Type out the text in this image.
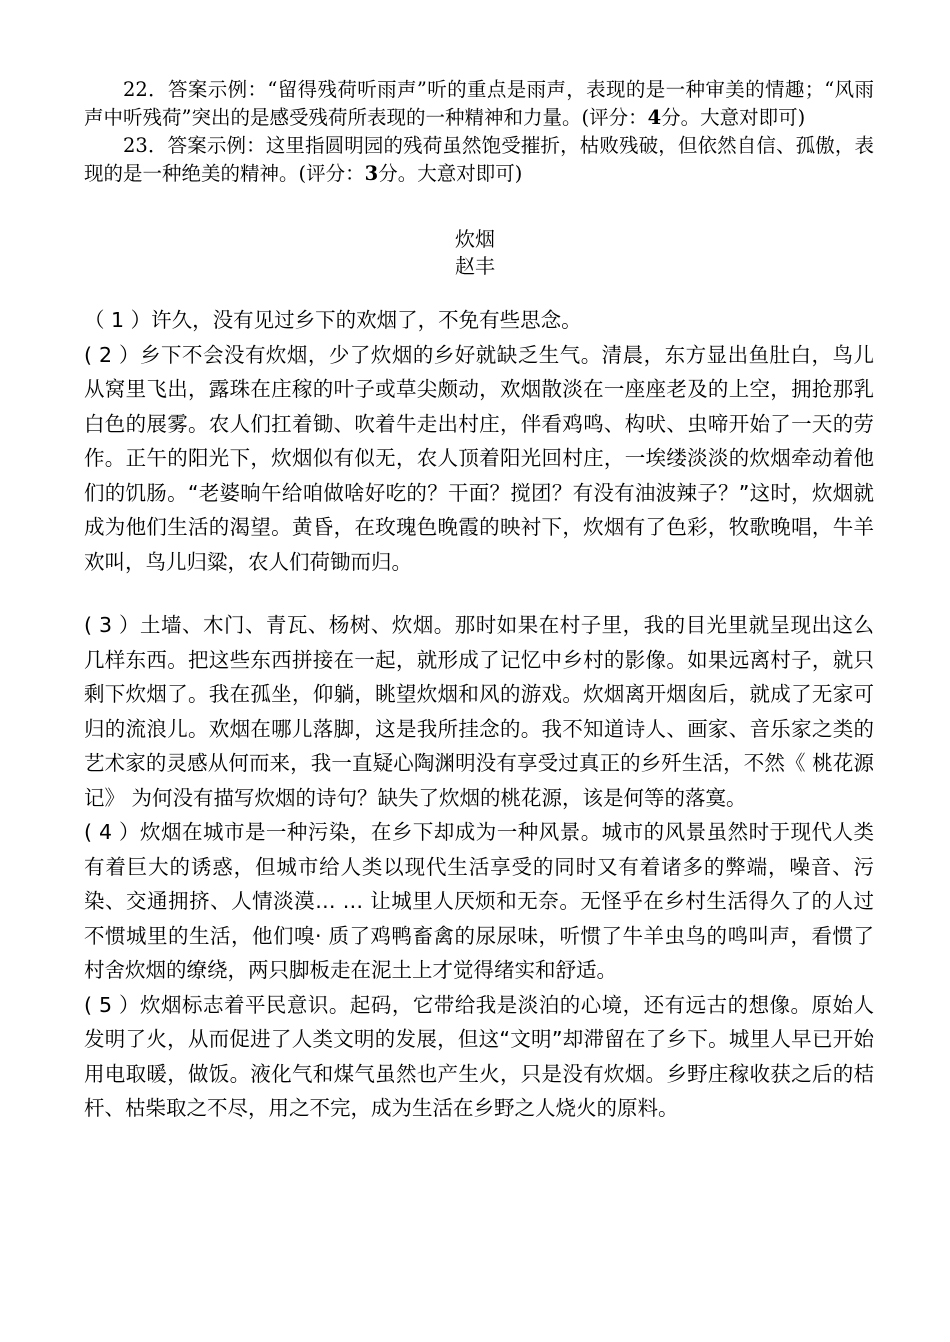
22．答案示例：“留得残荷听雨声”听的重点是雨声，表现的是一种审美的情趣；“风雨声中听残荷”突出的是感受残荷所表现的一种精神和力量。(评分：4分。大意对即可)

23．答案示例：这里指圆明园的残荷虽然饱受摧折，枯败残破，但依然自信、孤傲，表现的是一种绝美的精神。(评分：3分。大意对即可)

炊烟
赵丰

（ 1 ）许久，没有见过乡下的欢烟了，不免有些思念。

( 2 ）乡下不会没有炊烟，少了炊烟的乡好就缺乏生气。清晨，东方显出鱼肚白，鸟儿从窝里飞出，露珠在庄稼的叶子或草尖颇动，欢烟散淡在一座座老及的上空，拥抢那乳白色的展雾。农人们扛着锄、吹着牛走出村庄，伴看鸡鸣、构吠、虫啼开始了一天的劳作。正午的阳光下，炊烟似有似无，农人顶着阳光回村庄，一埃缕淡淡的炊烟牵动着他们的饥肠。“老婆晌午给咱做啥好吃的？干面？搅团？有没有油波辣子？”这时，炊烟就成为他们生活的渴望。黄昏，在玫瑰色晚霞的映衬下，炊烟有了色彩，牧歌晚唱，牛羊欢叫，鸟儿归粱，农人们荷锄而归。

( 3 ）土墙、木门、青瓦、杨树、炊烟。那时如果在村子里，我的目光里就呈现出这么几样东西。把这些东西拼接在一起，就形成了记忆中乡村的影像。如果远离村子，就只剩下炊烟了。我在孤坐，仰躺，眺望炊烟和风的游戏。炊烟离开烟囱后，就成了无家可归的流浪儿。欢烟在哪儿落脚，这是我所挂念的。我不知道诗人、画家、音乐家之类的艺术家的灵感从何而来，我一直疑心陶渊明没有享受过真正的乡歼生活，不然《 桃花源记》 为何没有描写炊烟的诗句？缺失了炊烟的桃花源，该是何等的落寞。

( 4 ）炊烟在城市是一种污染，在乡下却成为一种风景。城市的风景虽然时于现代人类有着巨大的诱惑，但城市给人类以现代生活享受的同时又有着诸多的弊端，噪音、污染、交通拥挤、人情淡漠… … 让城里人厌烦和无奈。无怪乎在乡村生活得久了的人过不惯城里的生活，他们嗅· 质了鸡鸭畜禽的尿尿味，听惯了牛羊虫鸟的鸣叫声，看惯了村舍炊烟的缭绕，两只脚板走在泥土上才觉得绪实和舒适。

( 5 ）炊烟标志着平民意识。起码，它带给我是淡泊的心境，还有远古的想像。原始人发明了火，从而促进了人类文明的发展，但这“文明”却滞留在了乡下。城里人早已开始用电取暖，做饭。液化气和煤气虽然也产生火，只是没有炊烟。乡野庄稼收获之后的桔杆、枯柴取之不尽，用之不完，成为生活在乡野之人烧火的原料。
